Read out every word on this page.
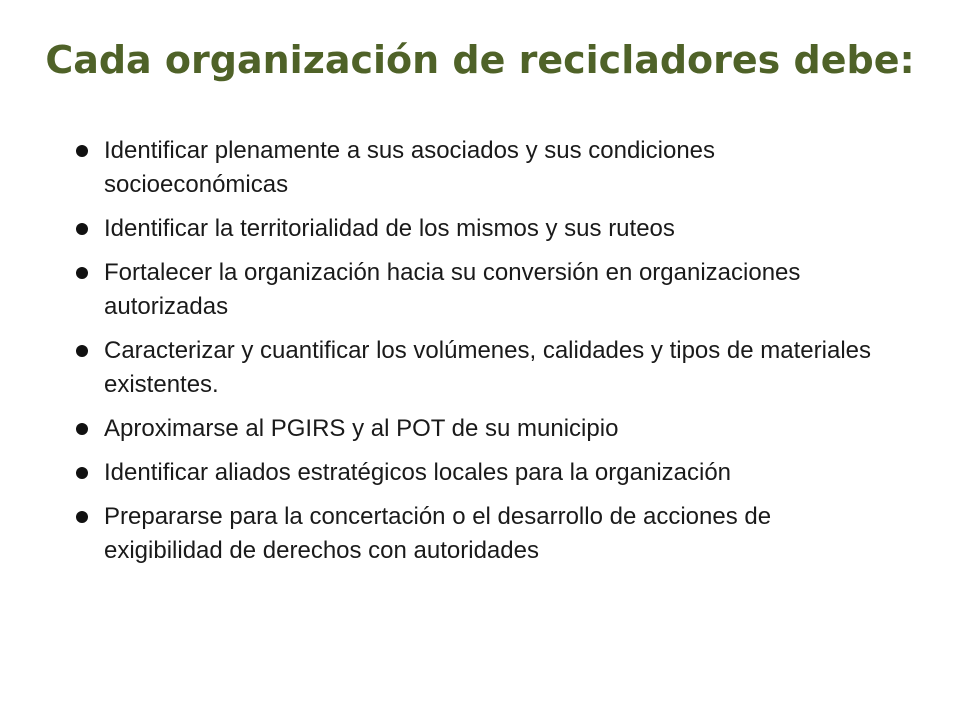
Cada organización de recicladores debe:
Identificar plenamente a sus asociados y sus condiciones socioeconómicas
Identificar la territorialidad de los mismos y sus ruteos
Fortalecer la organización hacia su conversión en organizaciones autorizadas
Caracterizar y cuantificar los volúmenes, calidades y tipos de materiales existentes.
Aproximarse al PGIRS y al POT de su municipio
Identificar aliados estratégicos locales para la organización
Prepararse para la concertación o el desarrollo de acciones de exigibilidad de derechos con autoridades
